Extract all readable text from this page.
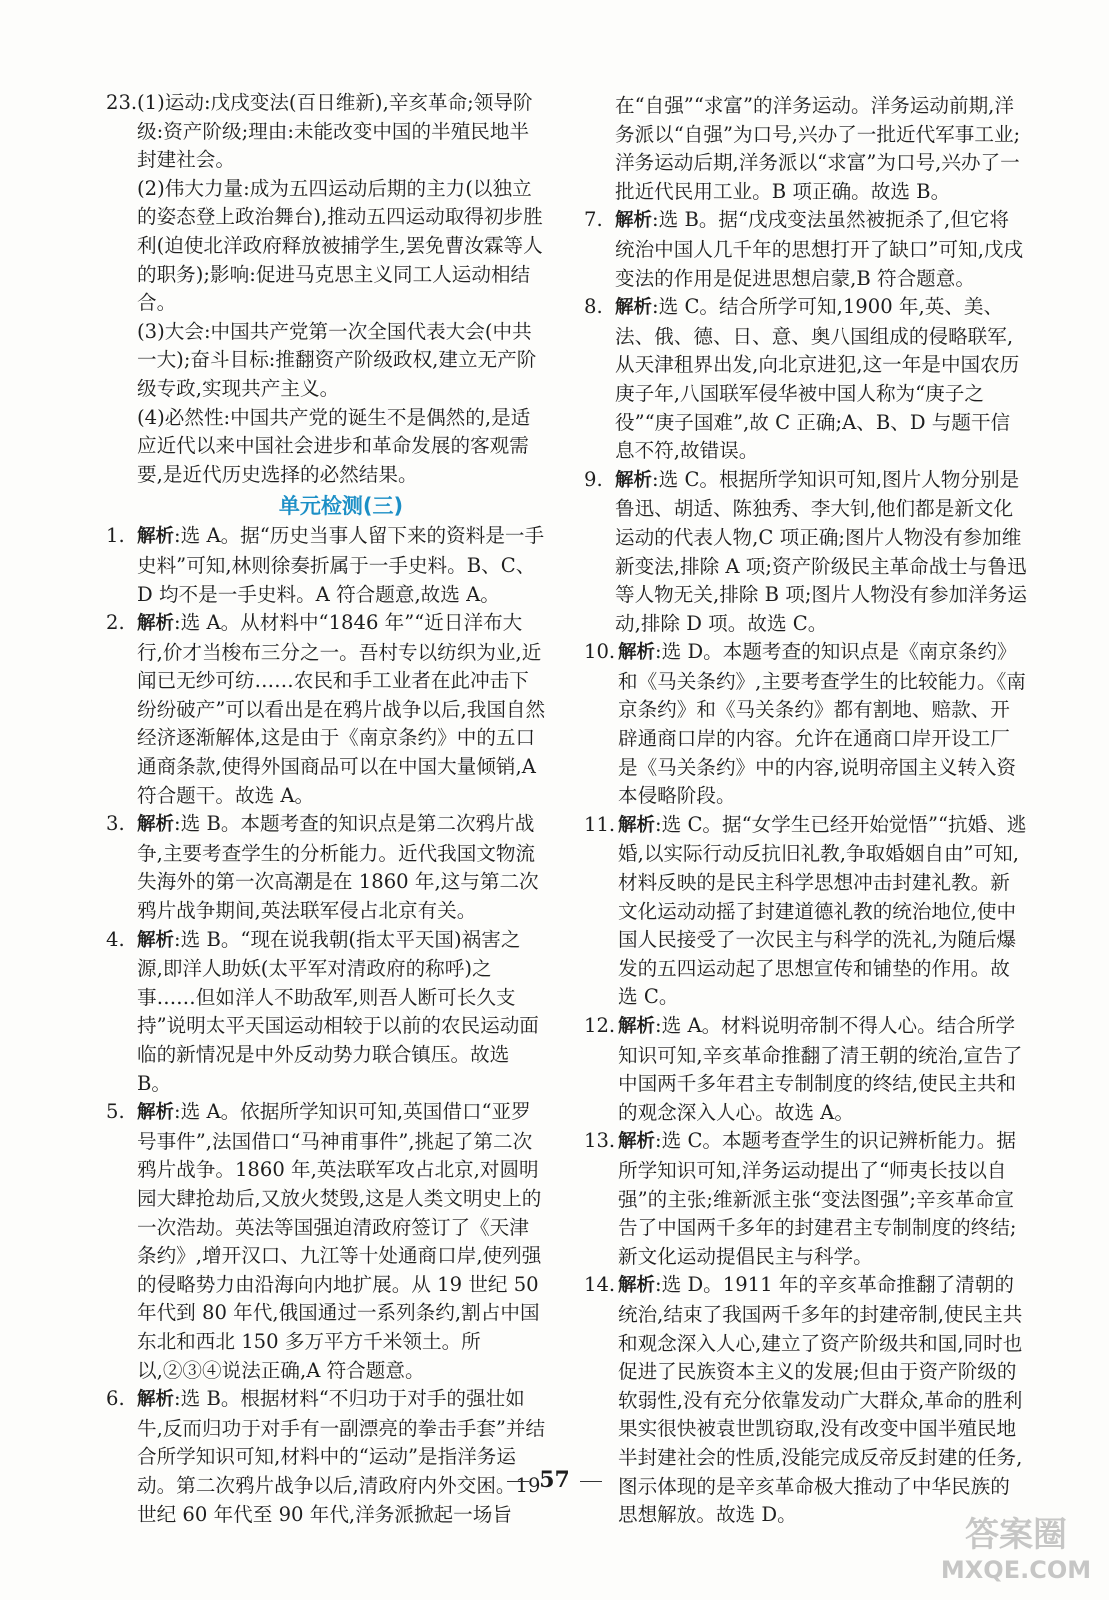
23. (1)运动:戊戌变法(百日维新),辛亥革命;领导阶级:资产阶级;理由:未能改变中国的半殖民地半封建社会。

(2)伟大力量:成为五四运动后期的主力(以独立的姿态登上政治舞台),推动五四运动取得初步胜利(迫使北洋政府释放被捕学生,罢免曹汝霖等人的职务);影响:促进马克思主义同工人运动相结合。

(3)大会:中国共产党第一次全国代表大会(中共一大);奋斗目标:推翻资产阶级政权,建立无产阶级专政,实现共产主义。

(4)必然性:中国共产党的诞生不是偶然的,是适应近代以来中国社会进步和革命发展的客观需要,是近代历史选择的必然结果。

单元检测(三)
1. 解析:选 A。据“历史当事人留下来的资料是一手史料”可知,林则徐奏折属于一手史料。B、C、D 均不是一手史料。A 符合题意,故选 A。
2. 解析:选 A。从材料中“1846 年”“近日洋布大行,价才当梭布三分之一。吾村专以纺织为业,近闻已无纱可纺……农民和手工业者在此冲击下纷纷破产”可以看出是在鸦片战争以后,我国自然经济逐渐解体,这是由于《南京条约》中的五口通商条款,使得外国商品可以在中国大量倾销,A 符合题干。故选 A。
3. 解析:选 B。本题考查的知识点是第二次鸦片战争,主要考查学生的分析能力。近代我国文物流失海外的第一次高潮是在 1860 年,这与第二次鸦片战争期间,英法联军侵占北京有关。
4. 解析:选 B。“现在说我朝(指太平天国)祸害之源,即洋人助妖(太平军对清政府的称呼)之事……但如洋人不助敌军,则吾人断可长久支持”说明太平天国运动相较于以前的农民运动面临的新情况是中外反动势力联合镇压。故选 B。
5. 解析:选 A。依据所学知识可知,英国借口“亚罗号事件”,法国借口“马神甫事件”,挑起了第二次鸦片战争。1860 年,英法联军攻占北京,对圆明园大肆抢劫后,又放火焚毁,这是人类文明史上的一次浩劫。英法等国强迫清政府签订了《天津条约》,增开汉口、九江等十处通商口岸,使列强的侵略势力由沿海向内地扩展。从 19 世纪 50 年代到 80 年代,俄国通过一系列条约,割占中国东北和西北 150 多万平方千米领土。所以,②③④说法正确,A 符合题意。
6. 解析:选 B。根据材料“不归功于对手的强壮如牛,反而归功于对手有一副漂亮的拳击手套”并结合所学知识可知,材料中的“运动”是指洋务运动。第二次鸦片战争以后,清政府内外交困。19 世纪 60 年代至 90 年代,洋务派掀起一场旨

在“自强”“求富”的洋务运动。洋务运动前期,洋务派以“自强”为口号,兴办了一批近代军事工业;洋务运动后期,洋务派以“求富”为口号,兴办了一批近代民用工业。B 项正确。故选 B。

7. 解析:选 B。据“戊戌变法虽然被扼杀了,但它将统治中国人几千年的思想打开了缺口”可知,戊戌变法的作用是促进思想启蒙,B 符合题意。
8. 解析:选 C。结合所学可知,1900 年,英、美、法、俄、德、日、意、奥八国组成的侵略联军,从天津租界出发,向北京进犯,这一年是中国农历庚子年,八国联军侵华被中国人称为“庚子之役”“庚子国难”,故 C 正确;A、B、D 与题干信息不符,故错误。
9. 解析:选 C。根据所学知识可知,图片人物分别是鲁迅、胡适、陈独秀、李大钊,他们都是新文化运动的代表人物,C 项正确;图片人物没有参加维新变法,排除 A 项;资产阶级民主革命战士与鲁迅等人物无关,排除 B 项;图片人物没有参加洋务运动,排除 D 项。故选 C。
10. 解析:选 D。本题考查的知识点是《南京条约》和《马关条约》,主要考查学生的比较能力。《南京条约》和《马关条约》都有割地、赔款、开辟通商口岸的内容。允许在通商口岸开设工厂是《马关条约》中的内容,说明帝国主义转入资本侵略阶段。
11. 解析:选 C。据“女学生已经开始觉悟”“抗婚、逃婚,以实际行动反抗旧礼教,争取婚姻自由”可知,材料反映的是民主科学思想冲击封建礼教。新文化运动动摇了封建道德礼教的统治地位,使中国人民接受了一次民主与科学的洗礼,为随后爆发的五四运动起了思想宣传和铺垫的作用。故选 C。
12. 解析:选 A。材料说明帝制不得人心。结合所学知识可知,辛亥革命推翻了清王朝的统治,宣告了中国两千多年君主专制制度的终结,使民主共和的观念深入人心。故选 A。
13. 解析:选 C。本题考查学生的识记辨析能力。据所学知识可知,洋务运动提出了“师夷长技以自强”的主张;维新派主张“变法图强”;辛亥革命宣告了中国两千多年的封建君主专制制度的终结;新文化运动提倡民主与科学。
14. 解析:选 D。1911 年的辛亥革命推翻了清朝的统治,结束了我国两千多年的封建帝制,使民主共和观念深入人心,建立了资产阶级共和国,同时也促进了民族资本主义的发展;但由于资产阶级的软弱性,没有充分依靠发动广大群众,革命的胜利果实很快被袁世凯窃取,没有改变中国半殖民地半封建社会的性质,没能完成反帝反封建的任务,图示体现的是辛亥革命极大推动了中华民族的思想解放。故选 D。
57
答案圈
MXQE.COM
